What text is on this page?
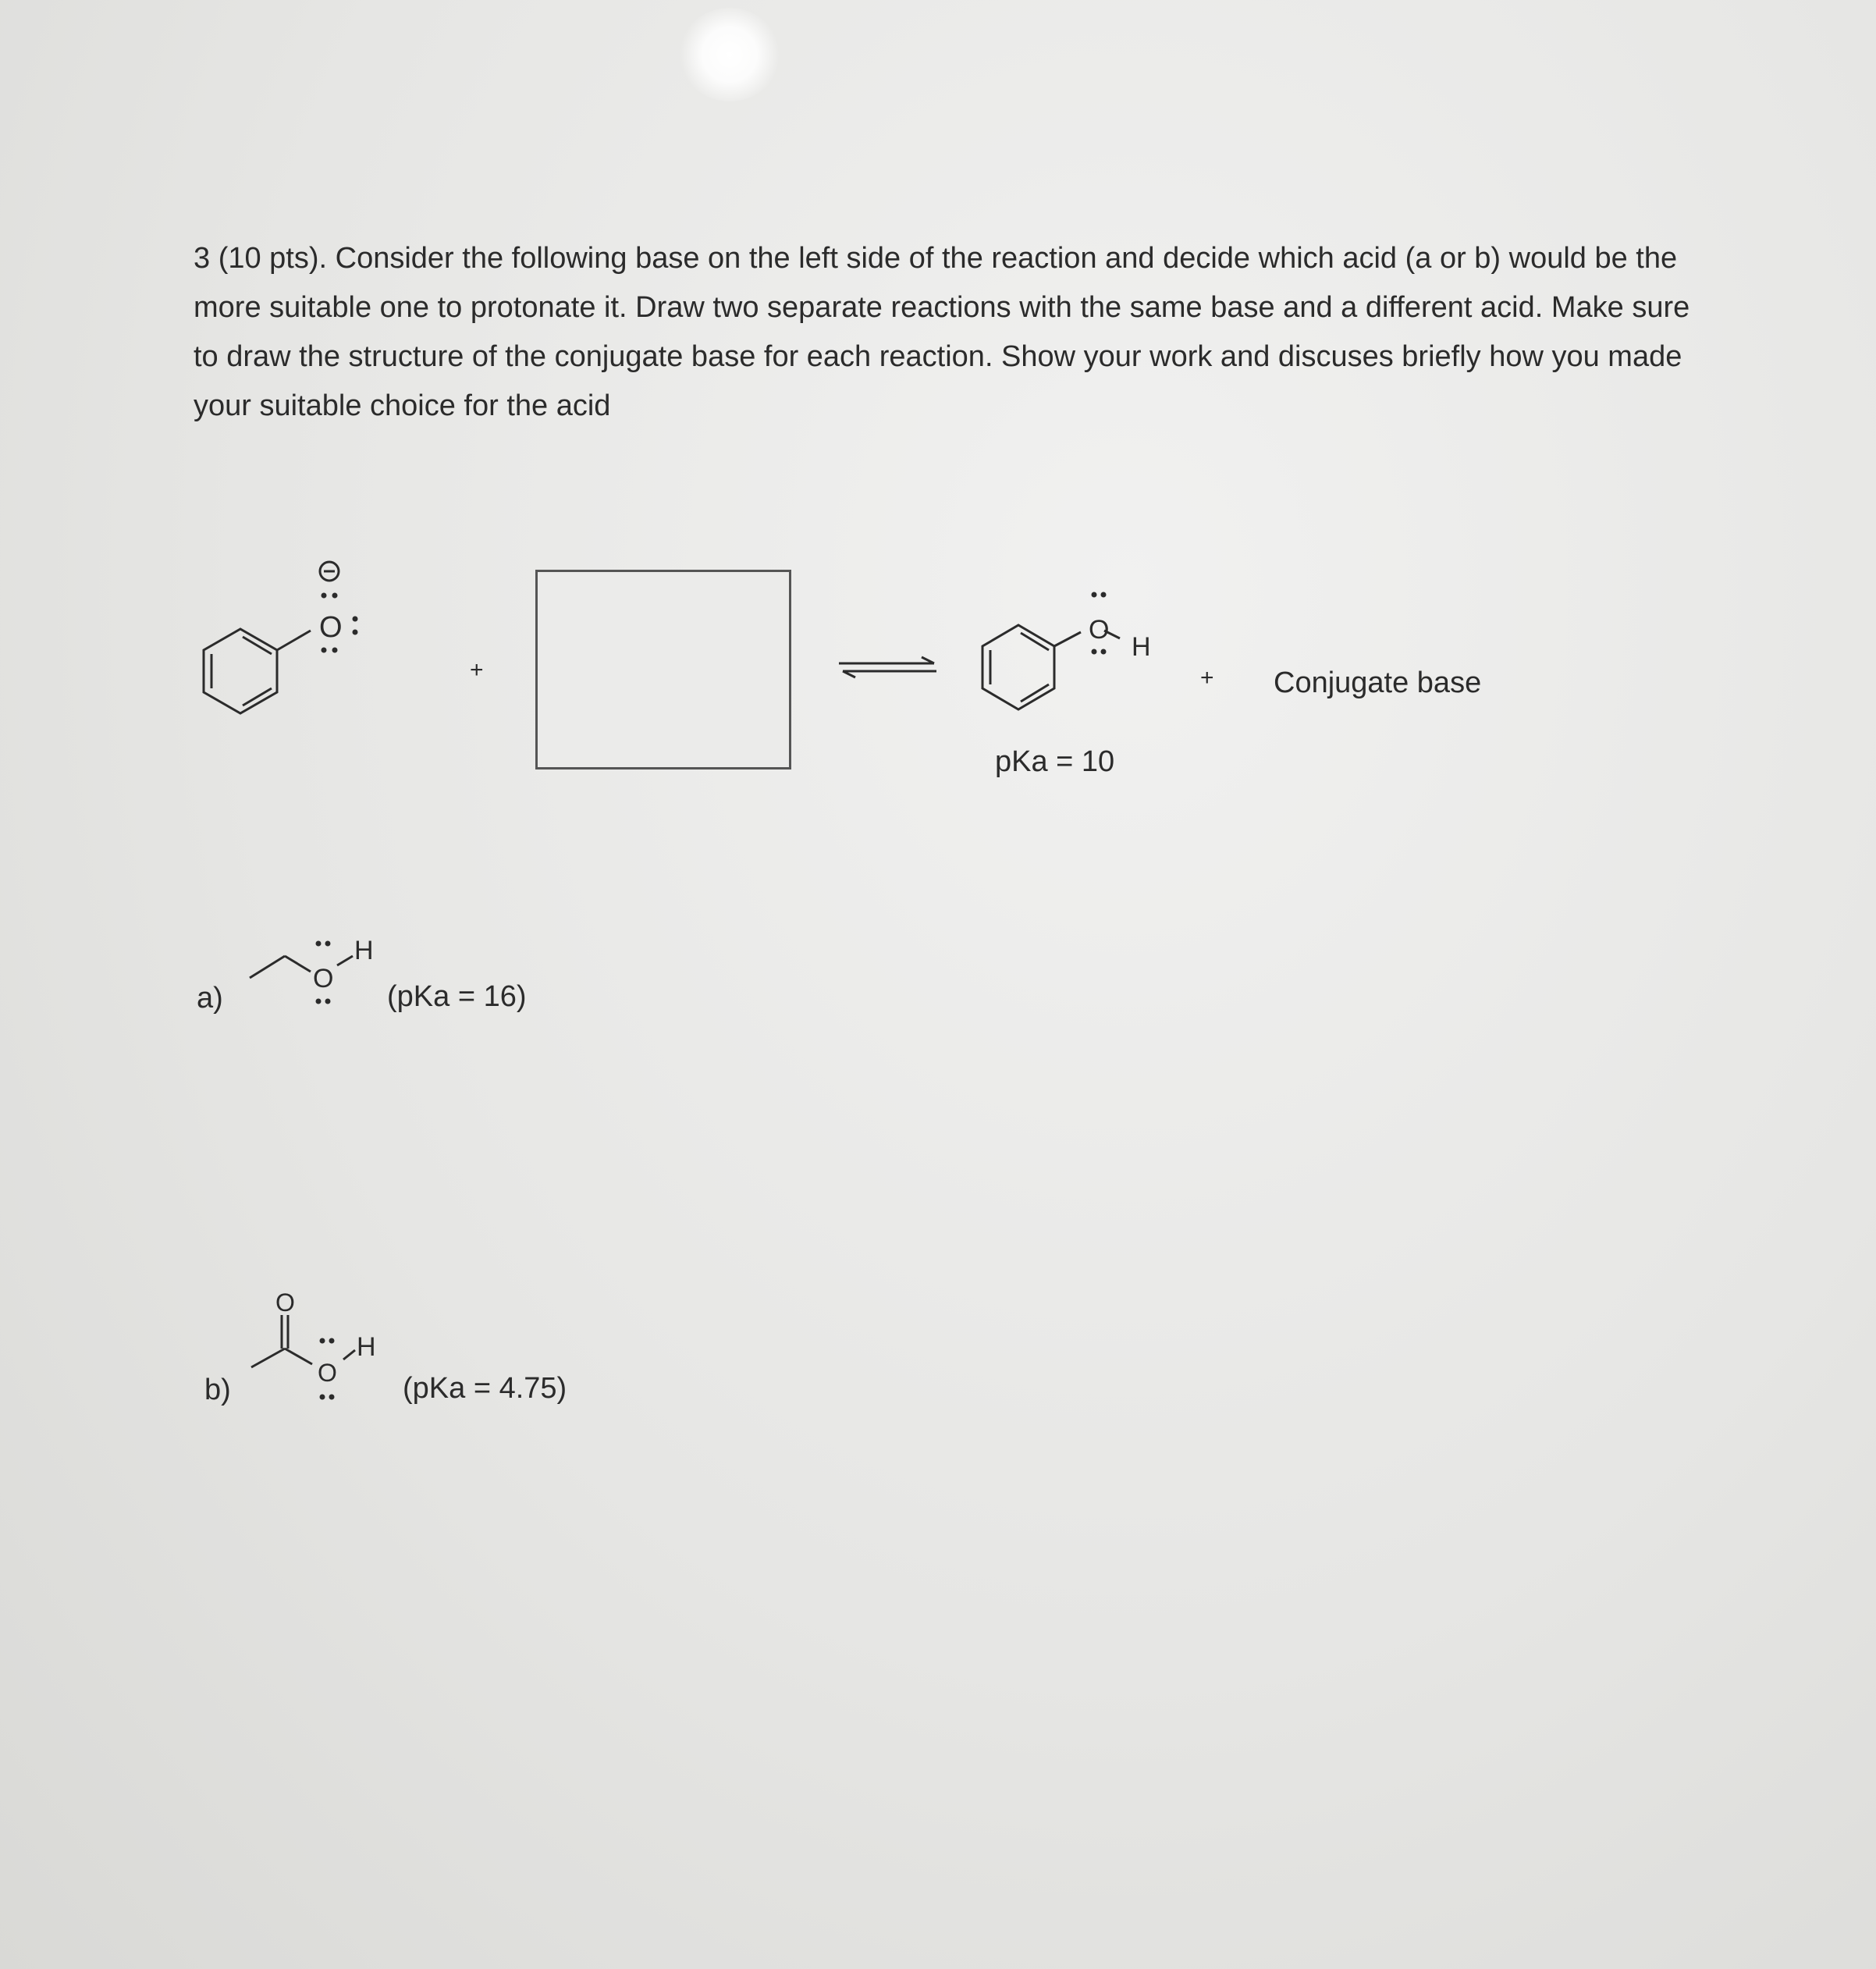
3 (10 pts). Consider the following base on the left side of the reaction and decide which acid (a or b) would be the more suitable one to protonate it. Draw two separate reactions with the same base and a different acid. Make sure to draw the structure of the conjugate base for each reaction. Show your work and discuses briefly how you made your suitable choice for the acid
O
+
O
H
pKa = 10
+ Conjugate base
a)
O
H
(pKa = 16)
b)
O
O
H
(pKa = 4.75)
